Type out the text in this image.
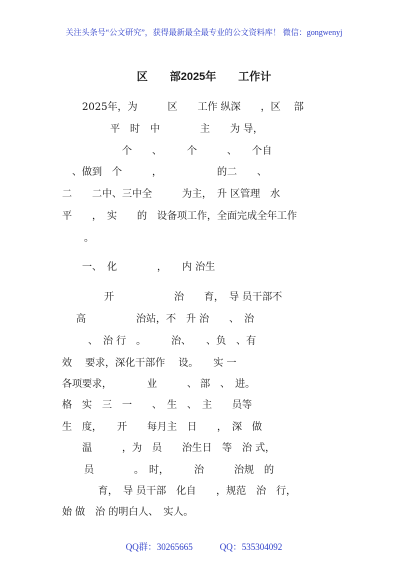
关注头条号“公文研究”，获得最新最全最专业的公文资料库！ 微信：gongwenyj
区　　部2025年　　工作计
2025年，为　　　区　　工作 纵深　　，区　 部
　平　时　中　　　　主　　为 导，
　个　　、　　　个　　　、　　个自
、做到　个　　　，　　　　　　的二　　、
二　　二中、三中全　　　为主，　升 区管理　水
平　　，　实　　的　设备项工作，全面完成全年工作
。
一、　化　　　　，　　内 治生
开　　　　　　治　　育，　导 员干部不
高　　　　　治站，不　升 治　　、　治
、　治 行　。　　　治、　　、负　、有
效　 要求，深化干部作　 设。　　实 一
各项要求，　　　　业　　　、 部　、　进。
格　实　三　一　　、　生　、　主　　员等
生　度，　　开　　每月主　日　　，　深　做
温　　　，为　员　　治生日　等　治 式，
员　　　　。　时，　　　治　　　治规　的
育，　导 员干部　化自　　，规范　治　行，
始 做　治 的明白人、　实人。
QQ群：30265665　　　QQ：535304092
